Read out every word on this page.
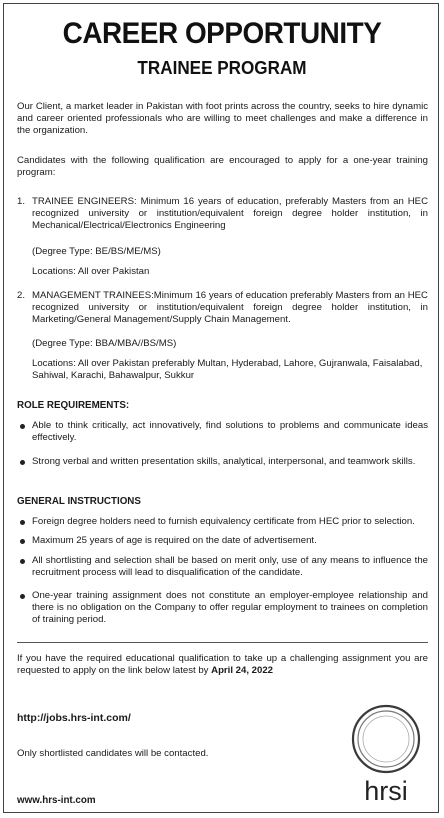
CAREER OPPORTUNITY
TRAINEE PROGRAM
Our Client, a market leader in Pakistan with foot prints across the country, seeks to hire dynamic and career oriented professionals who are willing to meet challenges and make a difference in the organization.
Candidates with the following qualification are encouraged to apply for a one-year training program:
1. TRAINEE ENGINEERS: Minimum 16 years of education, preferably Masters from an HEC recognized university or institution/equivalent foreign degree holder institution, in Mechanical/Electrical/Electronics Engineering
(Degree Type: BE/BS/ME/MS)
Locations: All over Pakistan
2. MANAGEMENT TRAINEES:Minimum 16 years of education preferably Masters from an HEC recognized university or institution/equivalent foreign degree holder institution, in Marketing/General Management/Supply Chain Management.
(Degree Type: BBA/MBA//BS/MS)
Locations: All over Pakistan preferably Multan, Hyderabad, Lahore, Gujranwala, Faisalabad, Sahiwal, Karachi, Bahawalpur, Sukkur
ROLE REQUIREMENTS:
Able to think critically, act innovatively, find solutions to problems and communicate ideas effectively.
Strong verbal and written presentation skills, analytical, interpersonal, and teamwork skills.
GENERAL INSTRUCTIONS
Foreign degree holders need to furnish equivalency certificate from HEC prior to selection.
Maximum 25 years of age is required on the date of advertisement.
All shortlisting and selection shall be based on merit only, use of any means to influence the recruitment process will lead to disqualification of the candidate.
One-year training assignment does not constitute an employer-employee relationship and there is no obligation on the Company to offer regular employment to trainees on completion of training period.
If you have the required educational qualification to take up a challenging assignment you are requested to apply on the link below latest by April 24, 2022
http://jobs.hrs-int.com/
Only shortlisted candidates will be contacted.
www.hrs-int.com	hrsi
